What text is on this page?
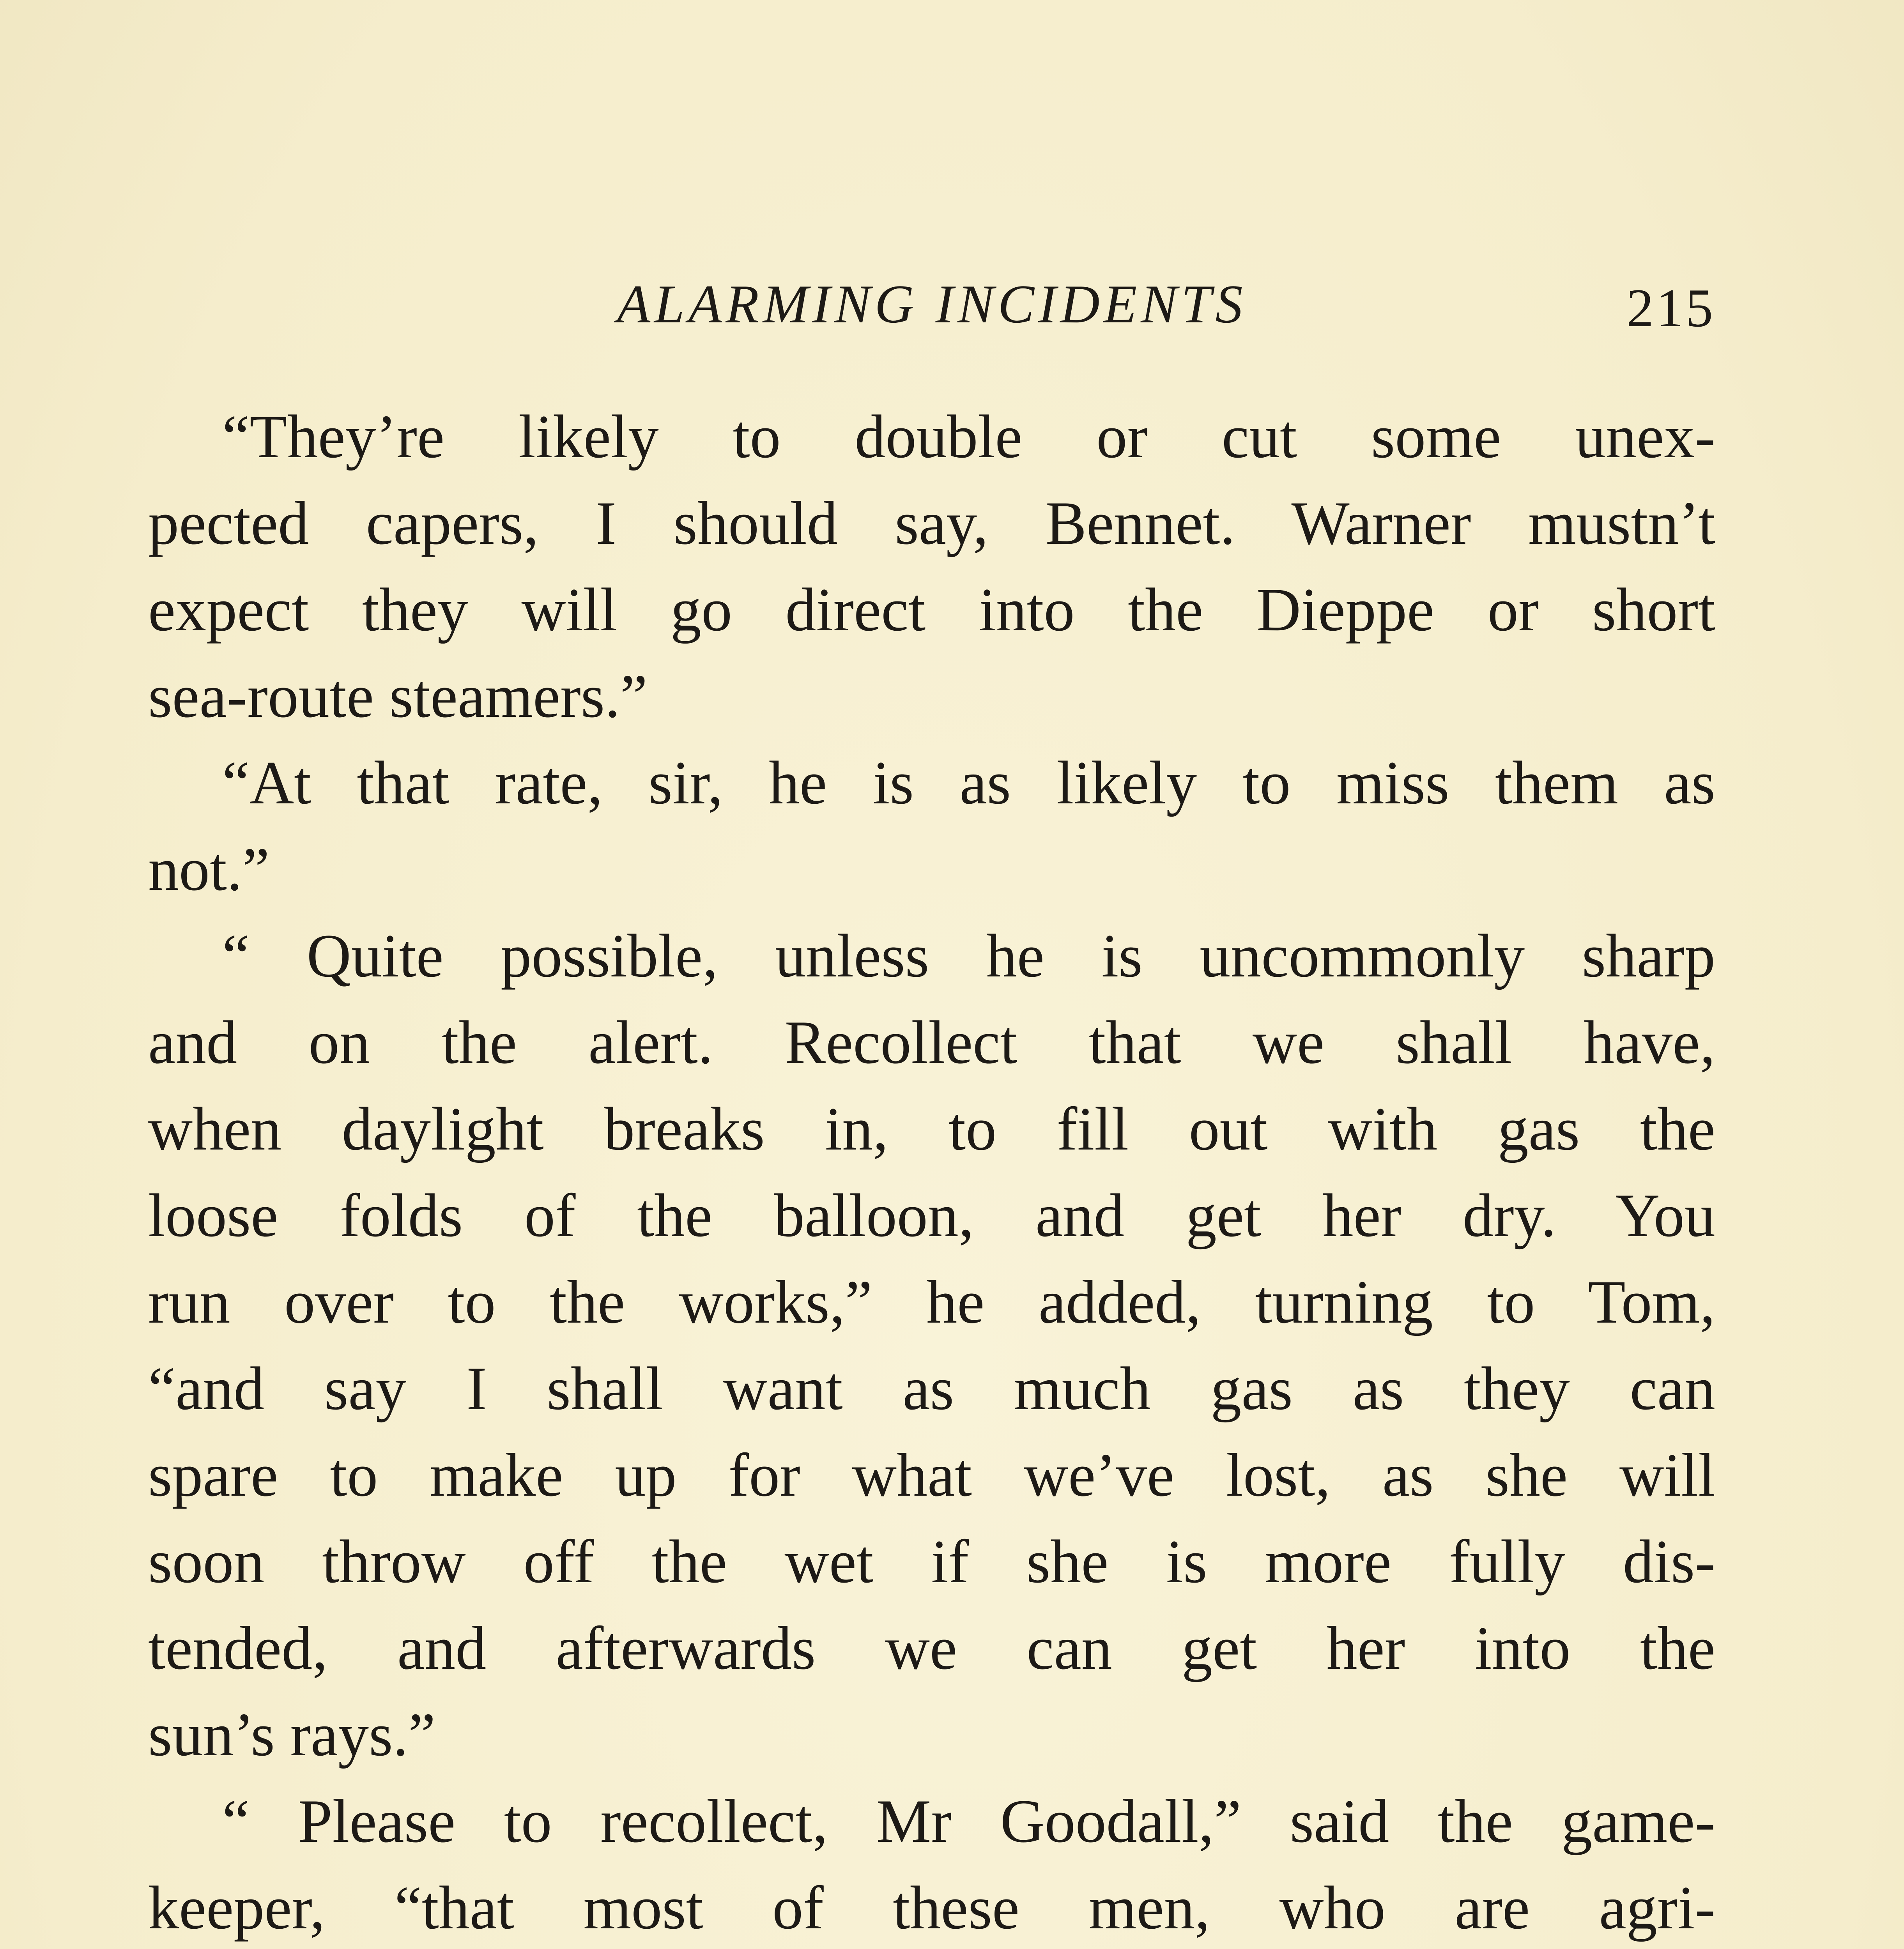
ALARMING INCIDENTS	215
“They’re likely to double or cut some unex-
pected capers, I should say, Bennet. Warner mustn’t
expect they will go direct into the Dieppe or short
sea-route steamers.”
“At that rate, sir, he is as likely to miss them as
not.”
“ Quite possible, unless he is uncommonly sharp
and on the alert. Recollect that we shall have,
when daylight breaks in, to fill out with gas the
loose folds of the balloon, and get her dry. You
run over to the works,” he added, turning to Tom,
“and say I shall want as much gas as they can
spare to make up for what we’ve lost, as she will
soon throw off the wet if she is more fully dis-
tended, and afterwards we can get her into the
sun’s rays.”
“ Please to recollect, Mr Goodall,” said the game-
keeper, “that most of these men, who are agri-
